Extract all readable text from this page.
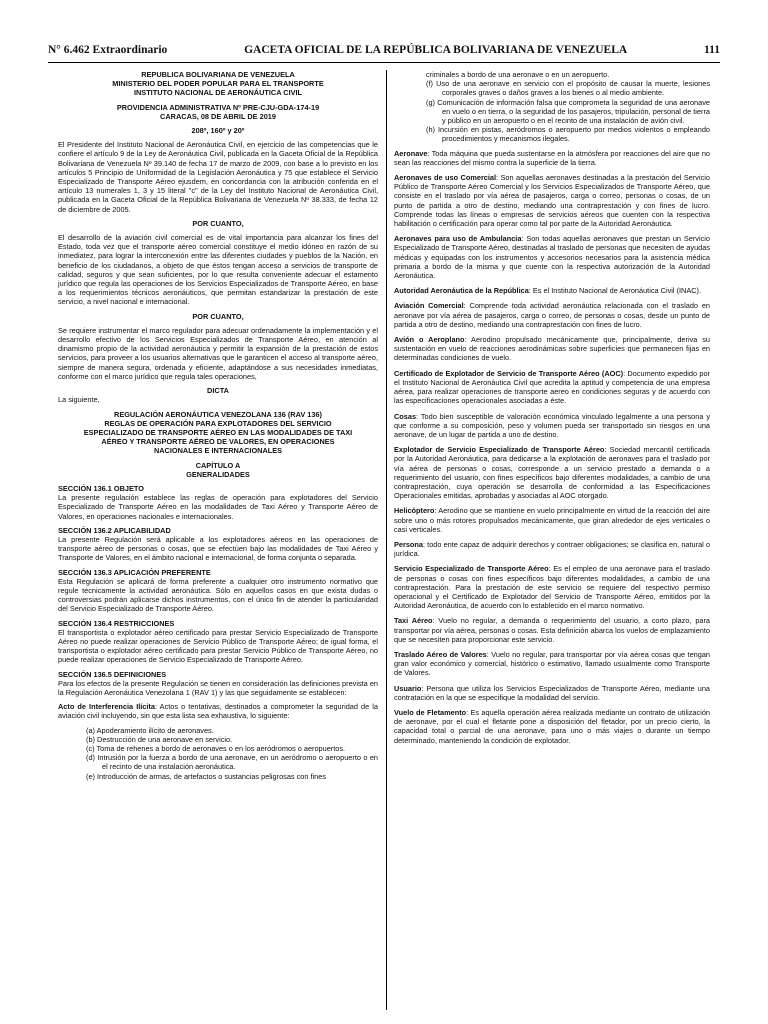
N° 6.462 Extraordinario	GACETA OFICIAL DE LA REPÚBLICA BOLIVARIANA DE VENEZUELA	111
REPUBLICA BOLIVARIANA DE VENEZUELA
MINISTERIO DEL PODER POPULAR PARA EL TRANSPORTE
INSTITUTO NACIONAL DE AERONÁUTICA CIVIL
PROVIDENCIA ADMINISTRATIVA Nº PRE-CJU-GDA-174-19
CARACAS, 08 DE ABRIL DE 2019

208º, 160º y 20º

El Presidente del Instituto Nacional de Aeronáutica Civil, en ejercicio de las competencias que le confiere el artículo 9 de la Ley de Aeronáutica Civil, publicada en la Gaceta Oficial de la República Bolivariana de Venezuela Nº 39.140 de fecha 17 de marzo de 2009, con base a lo previsto en los artículos 5 Principio de Uniformidad de la Legislación Aeronáutica y 75 que establece el Servicio Especializado de Transporte Aéreo ejusdem, en concordancia con la atribución conferida en el artículo 13 numerales 1, 3 y 15 literal "c" de la Ley del Instituto Nacional de Aeronáutica Civil, publicada en la Gaceta Oficial de la República Bolivariana de Venezuela Nº 38.333, de fecha 12 de diciembre de 2005.

POR CUANTO,

El desarrollo de la aviación civil comercial es de vital importancia para alcanzar los fines del Estado, toda vez que el transporte aéreo comercial constituye el medio idóneo en razón de su inmediatez, para lograr la interconexión entre las diferentes ciudades y pueblos de la Nación, en beneficio de los ciudadanos, a objeto de que éstos tengan acceso a servicios de transporte de calidad, seguros y que sean suficientes, por lo que resulta conveniente adecuar el estamento jurídico que regula las operaciones de los Servicios Especializados de Transporte Aéreo, en base a los requerimientos técnicos aeronáuticos, que permitan estandarizar la prestación de este servicio, a nivel nacional e internacional.

POR CUANTO,

Se requiere instrumentar el marco regulador para adecuar ordenadamente la implementación y el desarrollo efectivo de los Servicios Especializados de Transporte Aéreo, en atención al dinamismo propio de la actividad aeronáutica y permitir la expansión de la prestación de estos servicios, para proveer a los usuarios alternativas que le garanticen el acceso al transporte aéreo, siempre de manera segura, ordenada y eficiente, adaptándose a sus necesidades inmediatas, conforme con el marco jurídico que regula tales operaciones,

DICTA

La siguiente,

REGULACIÓN AERONÁUTICA VENEZOLANA 136 (RAV 136)
REGLAS DE OPERACIÓN PARA EXPLOTADORES DEL SERVICIO
ESPECIALIZADO DE TRANSPORTE AÉREO EN LAS MODALIDADES DE TAXI
AÉREO Y TRANSPORTE AÉREO DE VALORES, EN OPERACIONES
NACIONALES E INTERNACIONALES
CAPÍTULO A
GENERALIDADES

SECCIÓN 136.1 OBJETO

La presente regulación establece las reglas de operación para explotadores del Servicio Especializado de Transporte Aéreo en las modalidades de Taxi Aéreo y Transporte Aéreo de Valores, en operaciones nacionales e internacionales.

SECCIÓN 136.2 APLICABILIDAD

La presente Regulación será aplicable a los explotadores aéreos en las operaciones de transporte aéreo de personas o cosas, que se efectúen bajo las modalidades de Taxi Aéreo y Transporte de Valores, en el ámbito nacional e internacional, de forma conjunta o separada.

SECCIÓN 136.3 APLICACIÓN PREFERENTE

Esta Regulación se aplicará de forma preferente a cualquier otro instrumento normativo que regule técnicamente la actividad aeronáutica. Sólo en aquellos casos en que exista dudas o controversias podrán aplicarse dichos instrumentos, con el único fin de atender la particularidad del Servicio Especializado de Transporte Aéreo.

SECCIÓN 136.4 RESTRICCIONES

El transportista o explotador aéreo certificado para prestar Servicio Especializado de Transporte Aéreo no puede realizar operaciones de Servicio Público de Transporte Aéreo; de igual forma, el transportista o explotador aéreo certificado para prestar Servicio Público de Transporte Aéreo, no puede realizar operaciones de Servicio Especializado de Transporte Aéreo.

SECCIÓN 136.5 DEFINICIONES

Para los efectos de la presente Regulación se tienen en consideración las definiciones prevista en la Regulación Aeronáutica Venezolana 1 (RAV 1) y las que seguidamente se establecen:

Acto de Interferencia Ilícita: Actos o tentativas, destinados a comprometer la seguridad de la aviación civil incluyendo, sin que esta lista sea exhaustiva, lo siguiente:

(a) Apoderamiento ilícito de aeronaves.
(b) Destrucción de una aeronave en servicio.
(c) Toma de rehenes a bordo de aeronaves o en los aeródromos o aeropuertos.
(d) Intrusión por la fuerza a bordo de una aeronave, en un aeródromo o aeropuerto o en el recinto de una instalación aeronáutica.
(e) Introducción de armas, de artefactos o sustancias peligrosas con fines
criminales a bordo de una aeronave o en un aeropuerto.
(f) Uso de una aeronave en servicio con el propósito de causar la muerte, lesiones corporales graves o daños graves a los bienes o al medio ambiente.
(g) Comunicación de información falsa que comprometa la seguridad de una aeronave en vuelo o en tierra, o la seguridad de los pasajeros, tripulación, personal de tierra y público en un aeropuerto o en el recinto de una instalación de avión civil.
(h) Incursión en pistas, aeródromos o aeropuerto por medios violentos o empleando procedimientos y mecanismos ilegales.

Aeronave: Toda máquina que pueda sustentarse en la atmósfera por reacciones del aire que no sean las reacciones del mismo contra la superficie de la tierra.

Aeronaves de uso Comercial: Son aquellas aeronaves destinadas a la prestación del Servicio Público de Transporte Aéreo Comercial y los Servicios Especializados de Transporte Aéreo, que consiste en el traslado por vía aérea de pasajeros, carga o correo, personas o cosas, de un punto de partida a otro de destino, mediando una contraprestación y con fines de lucro. Comprende todas las líneas o empresas de servicios aéreos que cuenten con la respectiva habilitación o certificación para operar como tal por parte de la Autoridad Aeronáutica.

Aeronaves para uso de Ambulancia: Son todas aquellas aeronaves que prestan un Servicio Especializado de Transporte Aéreo, destinadas al traslado de personas que necesiten de ayudas médicas y equipadas con los instrumentos y accesorios necesarios para la asistencia médica primaria a bordo de la misma y que cuente con la respectiva autorización de la Autoridad Aeronáutica.

Autoridad Aeronáutica de la República: Es el Instituto Nacional de Aeronáutica Civil (INAC).

Aviación Comercial: Comprende toda actividad aeronáutica relacionada con el traslado en aeronave por vía aérea de pasajeros, carga o correo, de personas o cosas, desde un punto de partida a otro de destino, mediando una contraprestación con fines de lucro.

Avión o Aeroplano: Aerodino propulsado mecánicamente que, principalmente, deriva su sustentación en vuelo de reacciones aerodinámicas sobre superficies que permanecen fijas en determinadas condiciones de vuelo.

Certificado de Explotador de Servicio de Transporte Aéreo (AOC): Documento expedido por el Instituto Nacional de Aeronáutica Civil que acredita la aptitud y competencia de una empresa aérea, para realizar operaciones de transporte aereo en condiciones seguras y de acuerdo con las especificaciones operacionales asociadas a éste.

Cosas: Todo bien susceptible de valoración económica vinculado legalmente a una persona y que conforme a su composición, peso y volumen pueda ser transportado sin riesgos en una aeronave, de un lugar de partida a uno de destino.

Explotador de Servicio Especializado de Transporte Aéreo: Sociedad mercantil certificada por la Autoridad Aeronáutica, para dedicarse a la explotación de aeronaves para el traslado por vía aérea de personas o cosas, corresponde a un servicio prestado a demanda o a requerimiento del usuario, con fines específicos bajo diferentes modalidades, a cambio de una contraprestación, cuya operación se desarrolla de conformidad a las Especificaciones Operacionales emitidas, aprobadas y asociadas al AOC otorgado.

Helicóptero: Aerodino que se mantiene en vuelo principalmente en virtud de la reacción del aire sobre uno o más rotores propulsados mecánicamente, que giran alrededor de ejes verticales o casi verticales.

Persona: todo ente capaz de adquirir derechos y contraer obligaciones; se clasifica en, natural o jurídica.

Servicio Especializado de Transporte Aéreo: Es el empleo de una aeronave para el traslado de personas o cosas con fines específicos bajo diferentes modalidades, a cambio de una contraprestación. Para la prestación de este servicio se requiere del respectivo permiso operacional y el Certificado de Explotador del Servicio de Transporte Aéreo, emitidos por la Autoridad Aeronáutica, de acuerdo con lo establecido en el marco normativo.

Taxi Aéreo: Vuelo no regular, a demanda o requerimiento del usuario, a corto plazo, para transportar por vía aérea, personas o cosas. Esta definición abarca los vuelos de emplazamiento que se necesiten para proporcionar este servicio.

Traslado Aéreo de Valores: Vuelo no regular, para transportar por vía aérea cosas que tengan gran valor económico y comercial, histórico o estimativo, llamado usualmente como Transporte de Valores.

Usuario: Persona que utiliza los Servicios Especializados de Transporte Aéreo, mediante una contratación en la que se especifique la modalidad del servicio.

Vuelo de Fletamento: Es aquella operación aérea realizada mediante un contrato de utilización de aeronave, por el cual el fletante pone a disposición del fletador, por un precio cierto, la capacidad total o parcial de una aeronave, para uno o más viajes o durante un tiempo determinado, manteniendo la condición de explotador.
